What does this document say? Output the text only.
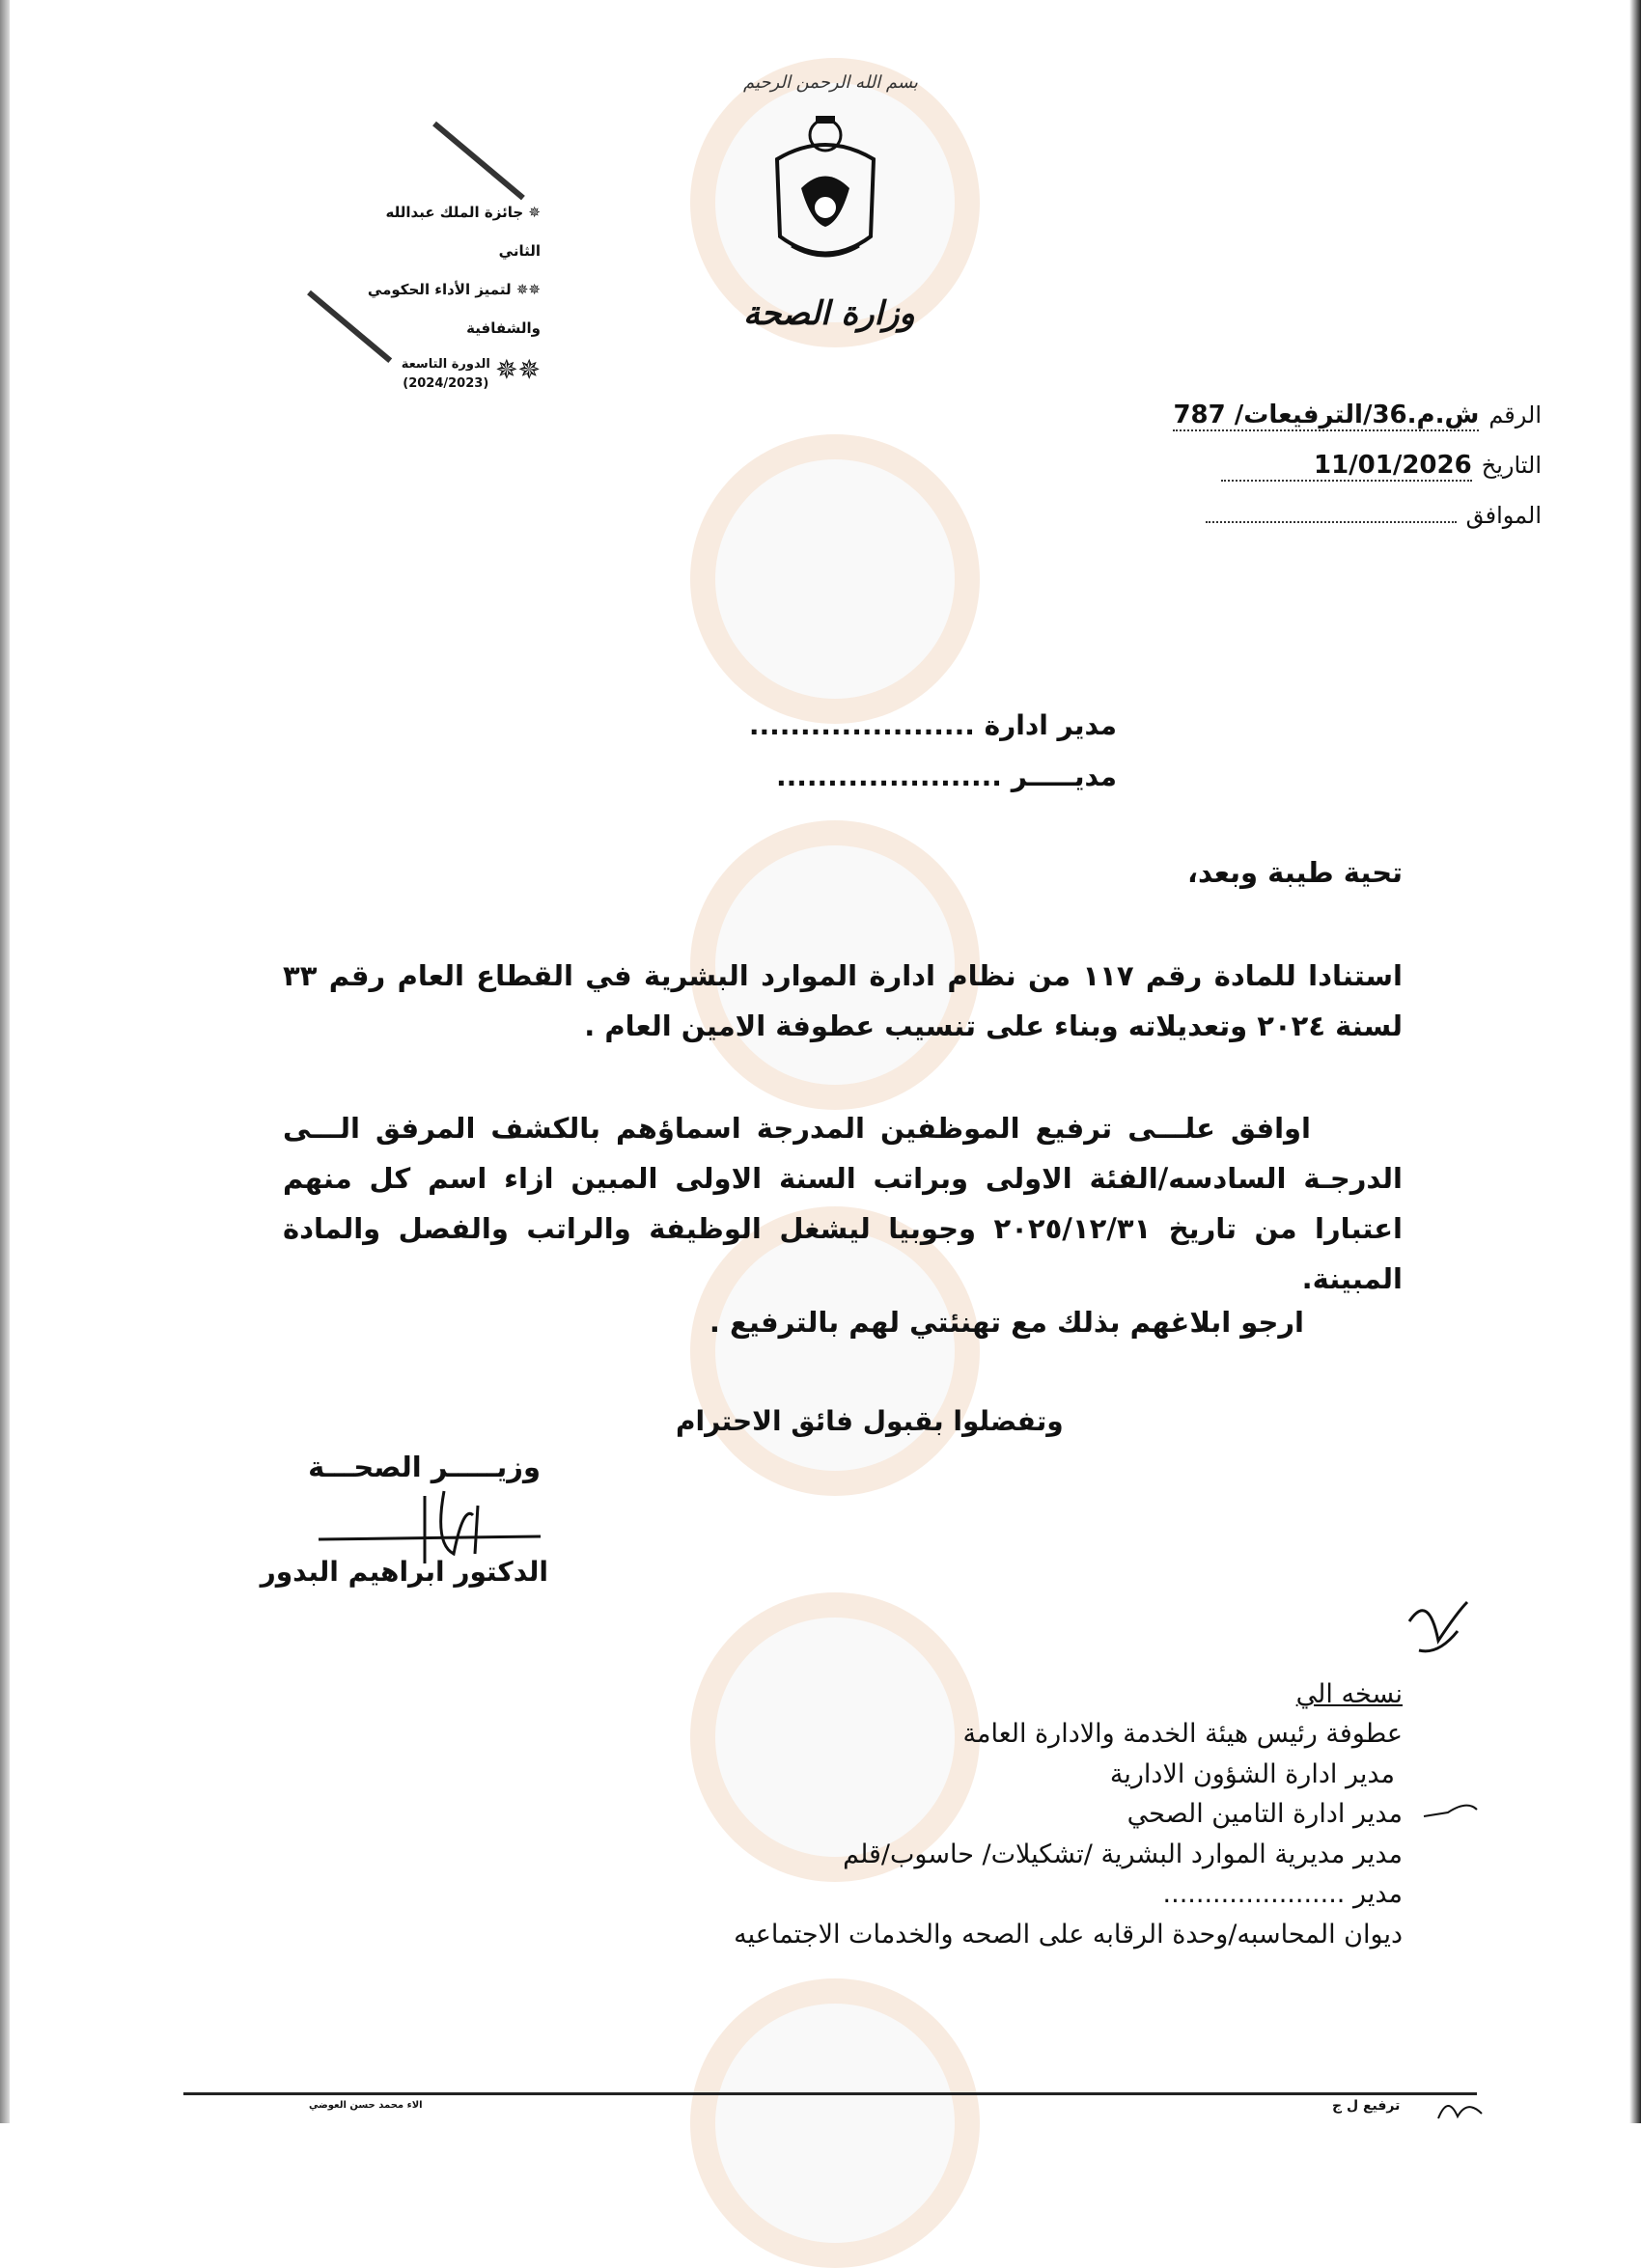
بسم الله الرحمن الرحيم
وزارة الصحة
✵ جائزة الملك عبدالله الثاني
✵✵ لتميز الأداء الحكومي والشفافية
✵✵ الدورة التاسعة
(2024/2023)
الرقم
ش.م.36/الترفيعات/ 787
التاريخ
11/01/2026
الموافق
مدير ادارة ......................
مديـــــر ......................
تحية طيبة وبعد،
استنادا للمادة رقم ١١٧ من نظام ادارة الموارد البشرية في القطاع العام رقم ٣٣ لسنة ٢٠٢٤ وتعديلاته وبناء على تنسيب عطوفة الامين العام .
اوافق علـــى ترفيع الموظفين المدرجة اسماؤهم بالكشف المرفق الـــى الدرجـة السادسه/الفئة الاولى وبراتب السنة الاولى المبين ازاء اسم كل منهم اعتبارا من تاريخ ٢٠٢٥/١٢/٣١ وجوبيا ليشغل الوظيفة والراتب والفصل والمادة المبينة.
ارجو ابلاغهم بذلك مع تهنئتي لهم بالترفيع .
وتفضلوا بقبول فائق الاحترام
وزيـــــر الصحـــة
الدكتور ابراهيم البدور
نسخه الي
عطوفة رئيس هيئة الخدمة والادارة العامة
مدير ادارة الشؤون الادارية
مدير ادارة التامين الصحي
مدير مديرية الموارد البشرية /تشكيلات/ حاسوب/قلم
مدير ......................
ديوان المحاسبه/وحدة الرقابه على الصحه والخدمات الاجتماعيه
الاء محمد حسن العوضي	ترفيع ل ج
